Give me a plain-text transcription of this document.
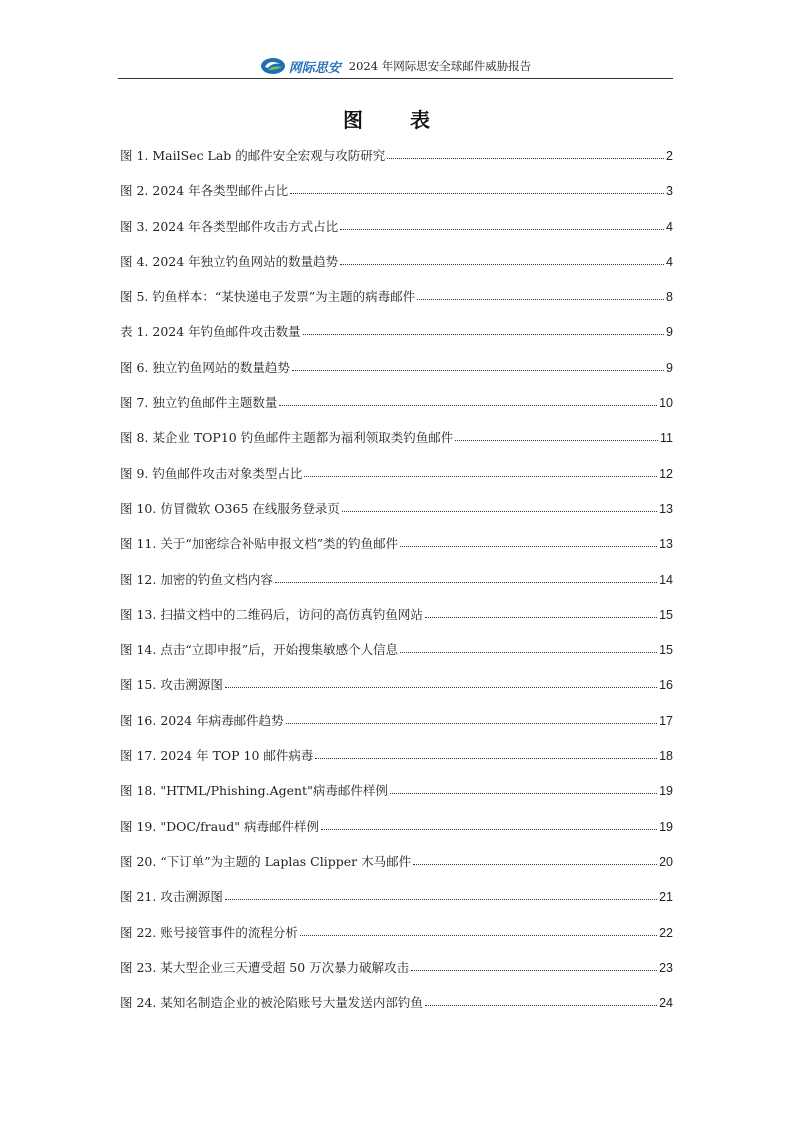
网际思安 2024 年网际思安全球邮件威胁报告
图 表
图 1. MailSec Lab 的邮件安全宏观与攻防研究	2
图 2. 2024 年各类型邮件占比	3
图 3. 2024 年各类型邮件攻击方式占比	4
图 4. 2024 年独立钓鱼网站的数量趋势	4
图 5. 钓鱼样本：“某快递电子发票”为主题的病毒邮件	8
表 1. 2024 年钓鱼邮件攻击数量	9
图 6. 独立钓鱼网站的数量趋势	9
图 7. 独立钓鱼邮件主题数量	10
图 8. 某企业 TOP10 钓鱼邮件主题都为福利领取类钓鱼邮件	11
图 9. 钓鱼邮件攻击对象类型占比	12
图 10. 仿冒微软 O365 在线服务登录页	13
图 11. 关于“加密综合补贴申报文档”类的钓鱼邮件	13
图 12. 加密的钓鱼文档内容	14
图 13. 扫描文档中的二维码后，访问的高仿真钓鱼网站	15
图 14. 点击“立即申报”后，开始搜集敏感个人信息	15
图 15. 攻击溯源图	16
图 16. 2024 年病毒邮件趋势	17
图 17. 2024 年 TOP 10 邮件病毒	18
图 18. "HTML/Phishing.Agent"病毒邮件样例	19
图 19. "DOC/fraud" 病毒邮件样例	19
图 20. “下订单”为主题的 Laplas Clipper 木马邮件	20
图 21. 攻击溯源图	21
图 22. 账号接管事件的流程分析	22
图 23. 某大型企业三天遭受超 50 万次暴力破解攻击	23
图 24. 某知名制造企业的被沦陷账号大量发送内部钓鱼	24
